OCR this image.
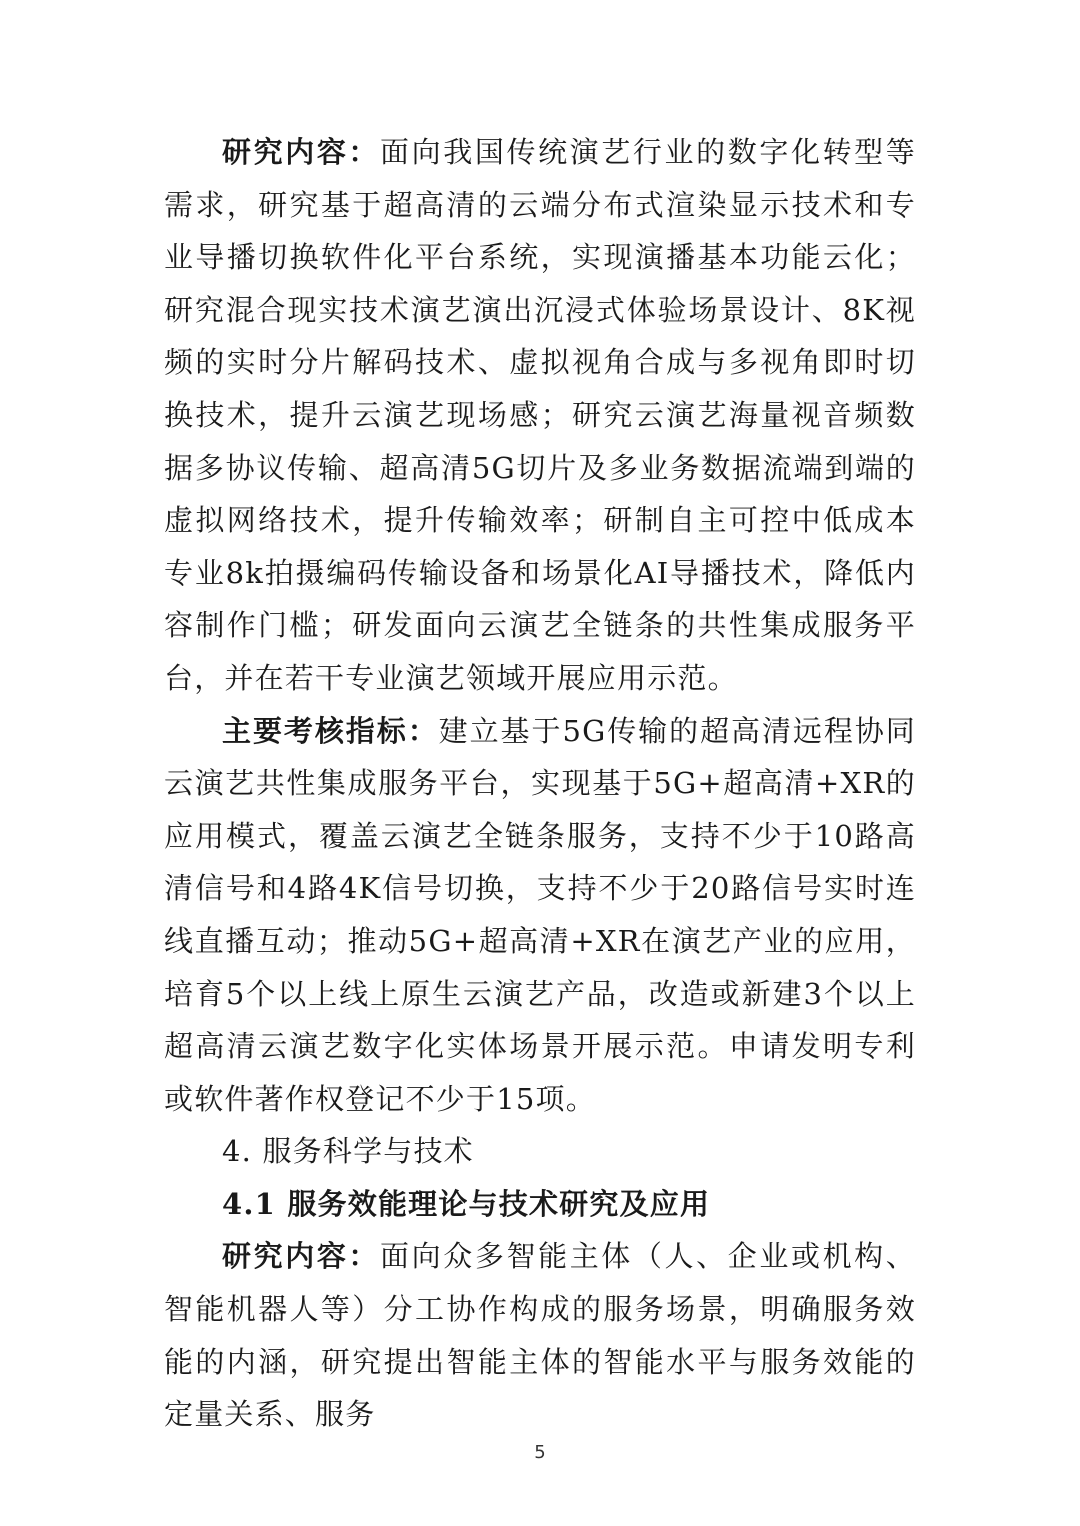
研究内容：面向我国传统演艺行业的数字化转型等需求，研究基于超高清的云端分布式渲染显示技术和专业导播切换软件化平台系统，实现演播基本功能云化；研究混合现实技术演艺演出沉浸式体验场景设计、8K视频的实时分片解码技术、虚拟视角合成与多视角即时切换技术，提升云演艺现场感；研究云演艺海量视音频数据多协议传输、超高清5G切片及多业务数据流端到端的虚拟网络技术，提升传输效率；研制自主可控中低成本专业8k拍摄编码传输设备和场景化AI导播技术，降低内容制作门槛；研发面向云演艺全链条的共性集成服务平台，并在若干专业演艺领域开展应用示范。

主要考核指标：建立基于5G传输的超高清远程协同云演艺共性集成服务平台，实现基于5G+超高清+XR的应用模式，覆盖云演艺全链条服务，支持不少于10路高清信号和4路4K信号切换，支持不少于20路信号实时连线直播互动；推动5G+超高清+XR在演艺产业的应用，培育5个以上线上原生云演艺产品，改造或新建3个以上超高清云演艺数字化实体场景开展示范。申请发明专利或软件著作权登记不少于15项。

4. 服务科学与技术

4.1 服务效能理论与技术研究及应用

研究内容：面向众多智能主体（人、企业或机构、智能机器人等）分工协作构成的服务场景，明确服务效能的内涵，研究提出智能主体的智能水平与服务效能的定量关系、服务

5
